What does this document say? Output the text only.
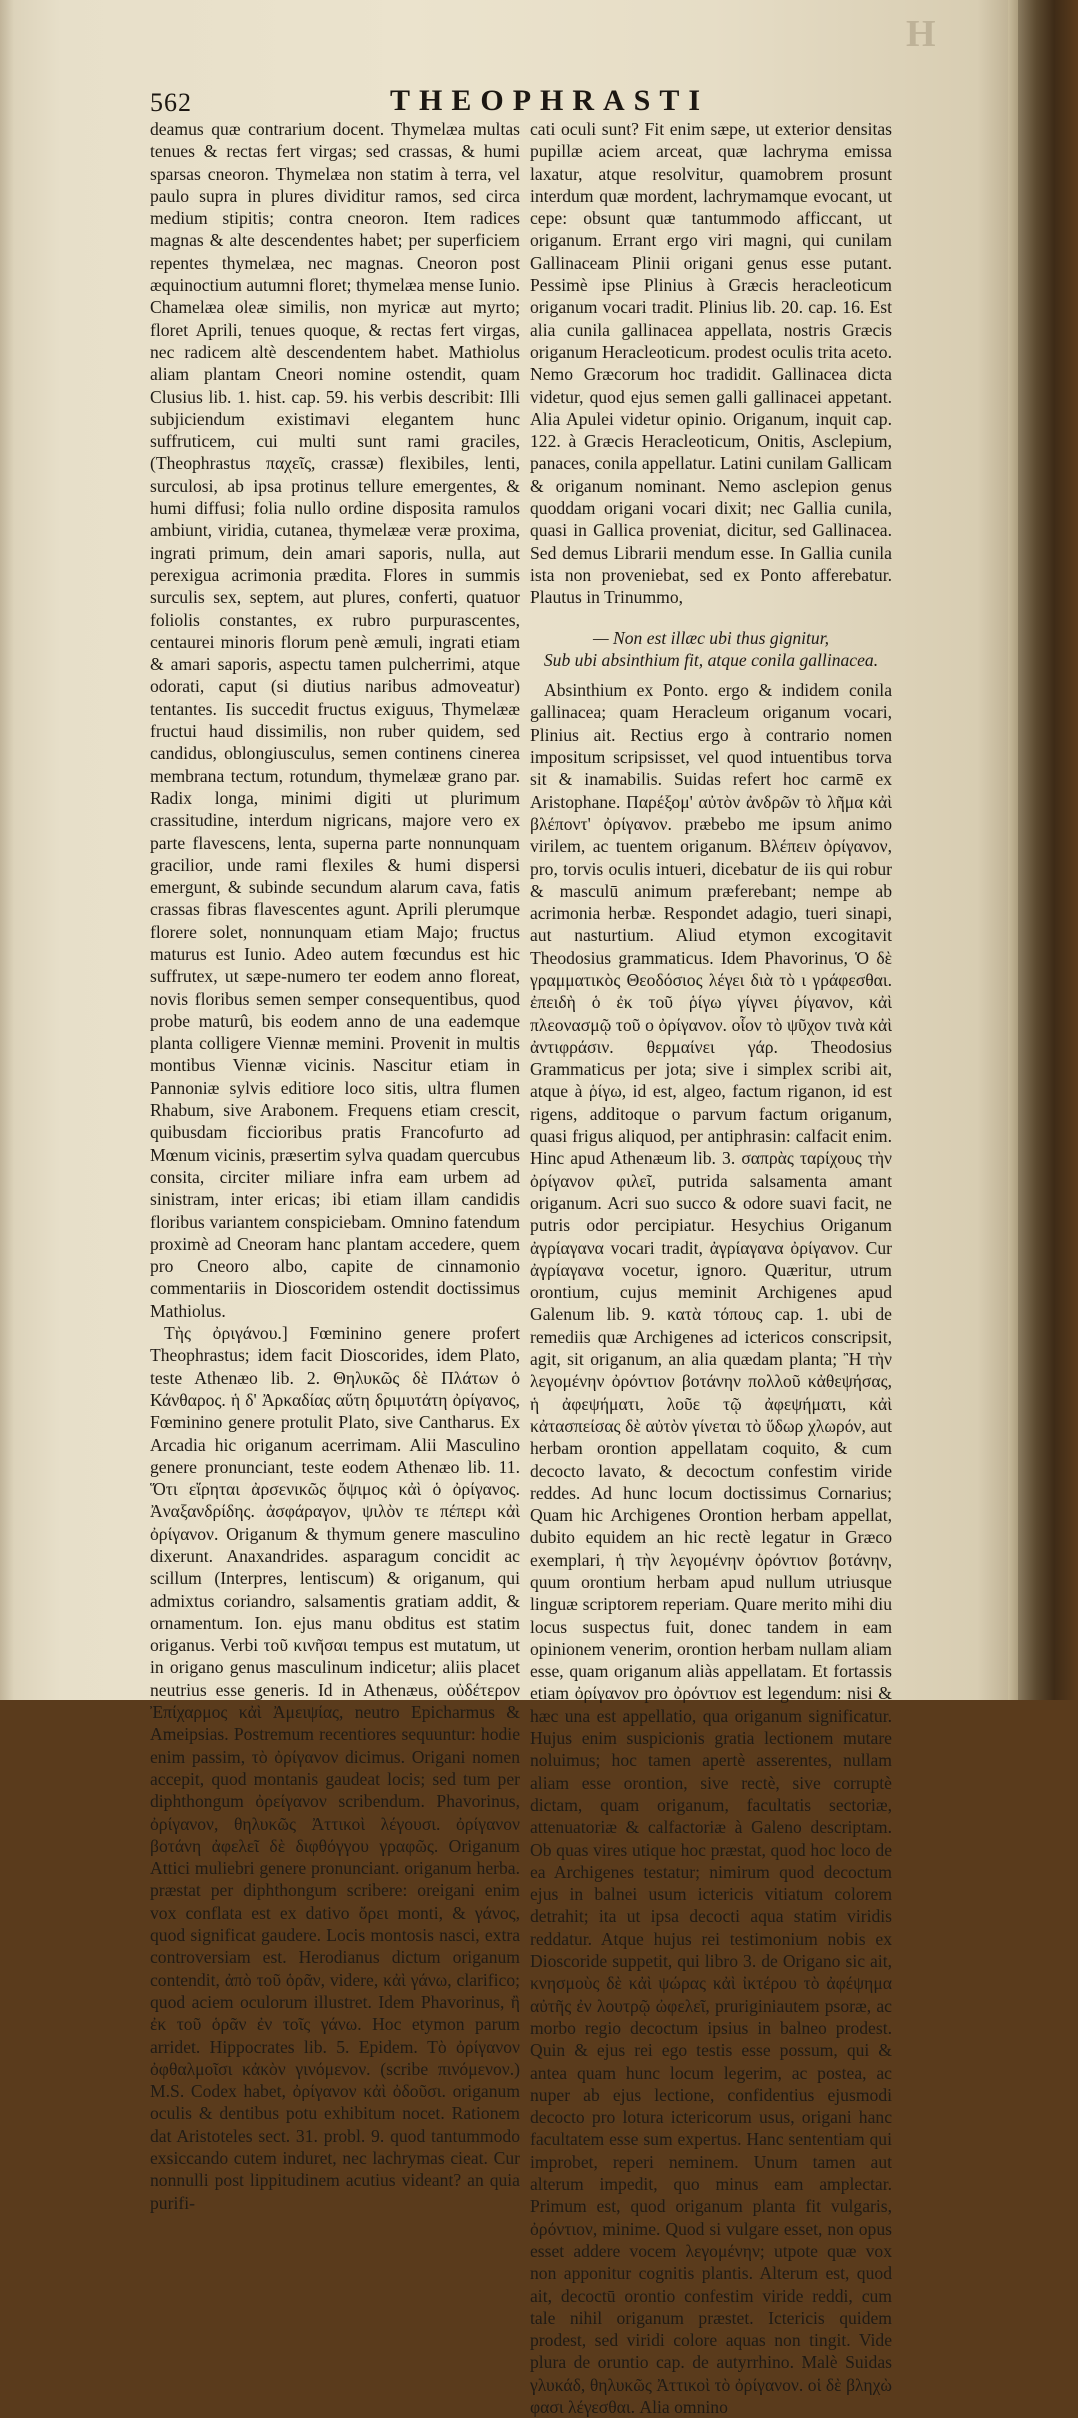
H
562	THEOPHRASTI

deamus quæ contrarium docent. Thymelæa multas tenues & rectas fert virgas; sed crassas, & humi sparsas cneoron. Thymelæa non statim à terra, vel paulo supra in plures dividitur ramos, sed circa medium stipitis; contra cneoron. Item radices magnas & alte descendentes habet; per superficiem repentes thymelæa, nec magnas. Cneoron post æquinoctium autumni floret; thymelæa mense Iunio. Chamelæa oleæ similis, non myricæ aut myrto; floret Aprili, tenues quoque, & rectas fert virgas, nec radicem altè descendentem habet. Mathiolus aliam plantam Cneori nomine ostendit, quam Clusius lib. 1. hist. cap. 59. his verbis describit: Illi subjiciendum existimavi elegantem hunc suffruticem, cui multi sunt rami graciles, (Theophrastus παχεῖς, crassæ) flexibiles, lenti, surculosi, ab ipsa protinus tellure emergentes, & humi diffusi; folia nullo ordine disposita ramulos ambiunt, viridia, cutanea, thymelææ veræ proxima, ingrati primum, dein amari saporis, nulla, aut perexigua acrimonia prædita. Flores in summis surculis sex, septem, aut plures, conferti, quatuor foliolis constantes, ex rubro purpurascentes, centaurei minoris florum penè æmuli, ingrati etiam & amari saporis, aspectu tamen pulcherrimi, atque odorati, caput (si diutius naribus admoveatur) tentantes. Iis succedit fructus exiguus, Thymelææ fructui haud dissimilis, non ruber quidem, sed candidus, oblongiusculus, semen continens cinerea membrana tectum, rotundum, thymelææ grano par. Radix longa, minimi digiti ut plurimum crassitudine, interdum nigricans, majore vero ex parte flavescens, lenta, superna parte nonnunquam gracilior, unde rami flexiles & humi dispersi emergunt, & subinde secundum alarum cava, fatis crassas fibras flavescentes agunt. Aprili plerumque florere solet, nonnunquam etiam Majo; fructus maturus est Iunio. Adeo autem fœcundus est hic suffrutex, ut sæpe-numero ter eodem anno floreat, novis floribus semen semper consequentibus, quod probe maturû, bis eodem anno de una eademque planta colligere Viennæ memini. Provenit in multis montibus Viennæ vicinis. Nascitur etiam in Pannoniæ sylvis editiore loco sitis, ultra flumen Rhabum, sive Arabonem. Frequens etiam crescit, quibusdam ficcioribus pratis Francofurto ad Mœnum vicinis, præsertim sylva quadam quercubus consita, circiter miliare infra eam urbem ad sinistram, inter ericas; ibi etiam illam candidis floribus variantem conspiciebam. Omnino fatendum proximè ad Cneoram hanc plantam accedere, quem pro Cneoro albo, capite de cinnamonio commentariis in Dioscoridem ostendit doctissimus Mathiolus.

Τὴς ὀριγάνου.] Fœminino genere profert Theophrastus; idem facit Dioscorides, idem Plato, teste Athenæo lib. 2. Θηλυκῶς δὲ Πλάτων ὁ Κάνθαρος. ἡ δ' Ἀρκαδίας αὕτη δριμυτάτη ὀρίγανος, Fœminino genere protulit Plato, sive Cantharus. Ex Arcadia hic origanum acerrimam. Alii Masculino genere pronunciant, teste eodem Athenæo lib. 11. Ὅτι εἴρηται ἀρσενικῶς ὄψιμος κἀὶ ὁ ὀρίγανος. Ἀναξανδρίδης. ἀσφάραγον, ψιλὸν τε πέπερι κἀὶ ὀρίγανον. Origanum & thymum genere masculino dixerunt. Anaxandrides. asparagum concidit ac scillum (Interpres, lentiscum) & origanum, qui admixtus coriandro, salsamentis gratiam addit, & ornamentum. Ion. ejus manu obditus est statim origanus. Verbi τοῦ κινῆσαι tempus est mutatum, ut in origano genus masculinum indicetur; aliis placet neutrius esse generis. Id in Athenæus, οὐδέτερον Ἐπίχαρμος κἀὶ Ἀμειψίας, neutro Epicharmus & Ameipsias. Postremum recentiores sequuntur: hodie enim passim, τὸ ὀρίγανον dicimus. Origani nomen accepit, quod montanis gaudeat locis; sed tum per diphthongum ὀρείγανον scribendum. Phavorinus, ὀρίγανον, θηλυκῶς Ἀττικοὶ λέγουσι. ὀρίγανον βοτάνη ἀφελεῖ δὲ διφθόγγου γραφῶς. Origanum Attici muliebri genere pronunciant. origanum herba. præstat per diphthongum scribere: oreigani enim vox conflata est ex dativo ὄρει monti, & γάνος, quod significat gaudere. Locis montosis nasci, extra controversiam est. Herodianus dictum origanum contendit, ἀπὸ τοῦ ὁρᾶν, videre, κἀὶ γάνω, clarifico; quod aciem oculorum illustret. Idem Phavorinus, ἢ ἐκ τοῦ ὁρᾶν ἐν τοῖς γάνω. Hoc etymon parum arridet. Hippocrates lib. 5. Epidem. Τὸ ὀρίγανον ὀφθαλμοῖσι κἀκὸν γινόμενον. (scribe πινόμενον.) M.S. Codex habet, ὀρίγανον κἀὶ ὀδοῦσι. origanum oculis & dentibus potu exhibitum nocet. Rationem dat Aristoteles sect. 31. probl. 9. quod tantummodo exsiccando cutem induret, nec lachrymas cieat. Cur nonnulli post lippitudinem acutius videant? an quia purifi-

cati oculi sunt? Fit enim sæpe, ut exterior densitas pupillæ aciem arceat, quæ lachryma emissa laxatur, atque resolvitur, quamobrem prosunt interdum quæ mordent, lachrymamque evocant, ut cepe: obsunt quæ tantummodo afficcant, ut origanum. Errant ergo viri magni, qui cunilam Gallinaceam Plinii origani genus esse putant. Pessimè ipse Plinius à Græcis heracleoticum origanum vocari tradit. Plinius lib. 20. cap. 16. Est alia cunila gallinacea appellata, nostris Græcis origanum Heracleoticum. prodest oculis trita aceto. Nemo Græcorum hoc tradidit. Gallinacea dicta videtur, quod ejus semen galli gallinacei appetant. Alia Apulei videtur opinio. Origanum, inquit cap. 122. à Græcis Heracleoticum, Onitis, Asclepium, panaces, conila appellatur. Latini cunilam Gallicam & origanum nominant. Nemo asclepion genus quoddam origani vocari dixit; nec Gallia cunila, quasi in Gallica proveniat, dicitur, sed Gallinacea. Sed demus Librarii mendum esse. In Gallia cunila ista non proveniebat, sed ex Ponto afferebatur. Plautus in Trinummo,

— Non est illæc ubi thus gignitur,
Sub ubi absinthium fit, atque conila gallinacea.

Absinthium ex Ponto. ergo & indidem conila gallinacea; quam Heracleum origanum vocari, Plinius ait. Rectius ergo à contrario nomen impositum scripsisset, vel quod intuentibus torva sit & inamabilis. Suidas refert hoc carmē ex Aristophane. Παρέξομ' αὐτὸν ἀνδρῶν τὸ λῆμα κἀὶ βλέποντ' ὀρίγανον. præbebo me ipsum animo virilem, ac tuentem origanum. Βλέπειν ὀρίγανον, pro, torvis oculis intueri, dicebatur de iis qui robur & masculū animum præferebant; nempe ab acrimonia herbæ. Respondet adagio, tueri sinapi, aut nasturtium. Aliud etymon excogitavit Theodosius grammaticus. Idem Phavorinus, Ὁ δὲ γραμματικὸς Θεοδόσιος λέγει διὰ τὸ ι γράφεσθαι. ἐπειδὴ ὁ ἐκ τοῦ ῥίγω γίγνει ῥίγανον, κἀὶ πλεονασμῷ τοῦ ο ὀρίγανον. οἷον τὸ ψῦχον τινὰ κἀὶ ἀντιφράσιν. θερμαίνει γάρ. Theodosius Grammaticus per jota; sive i simplex scribi ait, atque à ῥίγω, id est, algeo, factum riganon, id est rigens, additoque o parvum factum origanum, quasi frigus aliquod, per antiphrasin: calfacit enim. Hinc apud Athenæum lib. 3. σαπρὰς ταρίχους τὴν ὀρίγανον φιλεῖ, putrida salsamenta amant origanum. Acri suo succo & odore suavi facit, ne putris odor percipiatur. Hesychius Origanum ἀγρίαγανα vocari tradit, ἀγρίαγανα ὀρίγανον. Cur ἀγρίαγανα vocetur, ignoro. Quæritur, utrum orontium, cujus meminit Archigenes apud Galenum lib. 9. κατὰ τόπους cap. 1. ubi de remediis quæ Archigenes ad ictericos conscripsit, agit, sit origanum, an alia quædam planta; Ἢ τὴν λεγομένην ὀρόντιον βοτάνην πολλοῦ κἀθεψήσας, ἡ ἀφεψήματι, λοῦε τῷ ἀφεψήματι, κἀὶ κἀτασπείσας δὲ αὐτὸν γίνεται τὸ ὕδωρ χλωρόν, aut herbam orontion appellatam coquito, & cum decocto lavato, & decoctum confestim viride reddes. Ad hunc locum doctissimus Cornarius; Quam hic Archigenes Orontion herbam appellat, dubito equidem an hic rectè legatur in Græco exemplari, ἡ τὴν λεγομένην ὀρόντιον βοτάνην, quum orontium herbam apud nullum utriusque linguæ scriptorem reperiam. Quare merito mihi diu locus suspectus fuit, donec tandem in eam opinionem venerim, orontion herbam nullam aliam esse, quam origanum aliàs appellatam. Et fortassis etiam ὀρίγανον pro ὀρόντιον est legendum: nisi & hæc una est appellatio, qua origanum significatur. Hujus enim suspicionis gratia lectionem mutare noluimus; hoc tamen apertè asserentes, nullam aliam esse orontion, sive rectè, sive corruptè dictam, quam origanum, facultatis sectoriæ, attenuatoriæ & calfactoriæ à Galeno descriptam. Ob quas vires utique hoc præstat, quod hoc loco de ea Archigenes testatur; nimirum quod decoctum ejus in balnei usum ictericis vitiatum colorem detrahit; ita ut ipsa decocti aqua statim viridis reddatur. Atque hujus rei testimonium nobis ex Dioscoride suppetit, qui libro 3. de Origano sic ait, κνησμοὺς δὲ κἀὶ ψώρας κἀὶ ἰκτέρου τὸ ἀφέψημα αὐτῆς ἐν λουτρῷ ὠφελεῖ, pruriginiautem psoræ, ac morbo regio decoctum ipsius in balneo prodest. Quin & ejus rei ego testis esse possum, qui & antea quam hunc locum legerim, ac postea, ac nuper ab ejus lectione, confidentius ejusmodi decocto pro lotura ictericorum usus, origani hanc facultatem esse sum expertus. Hanc sententiam qui improbet, reperi neminem. Unum tamen aut alterum impedit, quo minus eam amplectar. Primum est, quod origanum planta fit vulgaris, ὀρόντιον, minime. Quod si vulgare esset, non opus esset addere vocem λεγομένην; utpote quæ vox non apponitur cognitis plantis. Alterum est, quod ait, decoctū orontio confestim viride reddi, cum tale nihil origanum præstet. Ictericis quidem prodest, sed viridi colore aquas non tingit. Vide plura de oruntio cap. de autyrrhino. Malè Suidas γλυκάδ, θηλυκῶς Ἀττικοὶ τὸ ὀρίγανον. οἱ δὲ βληχὼ φασι λέγεσθαι. Alia omnino
